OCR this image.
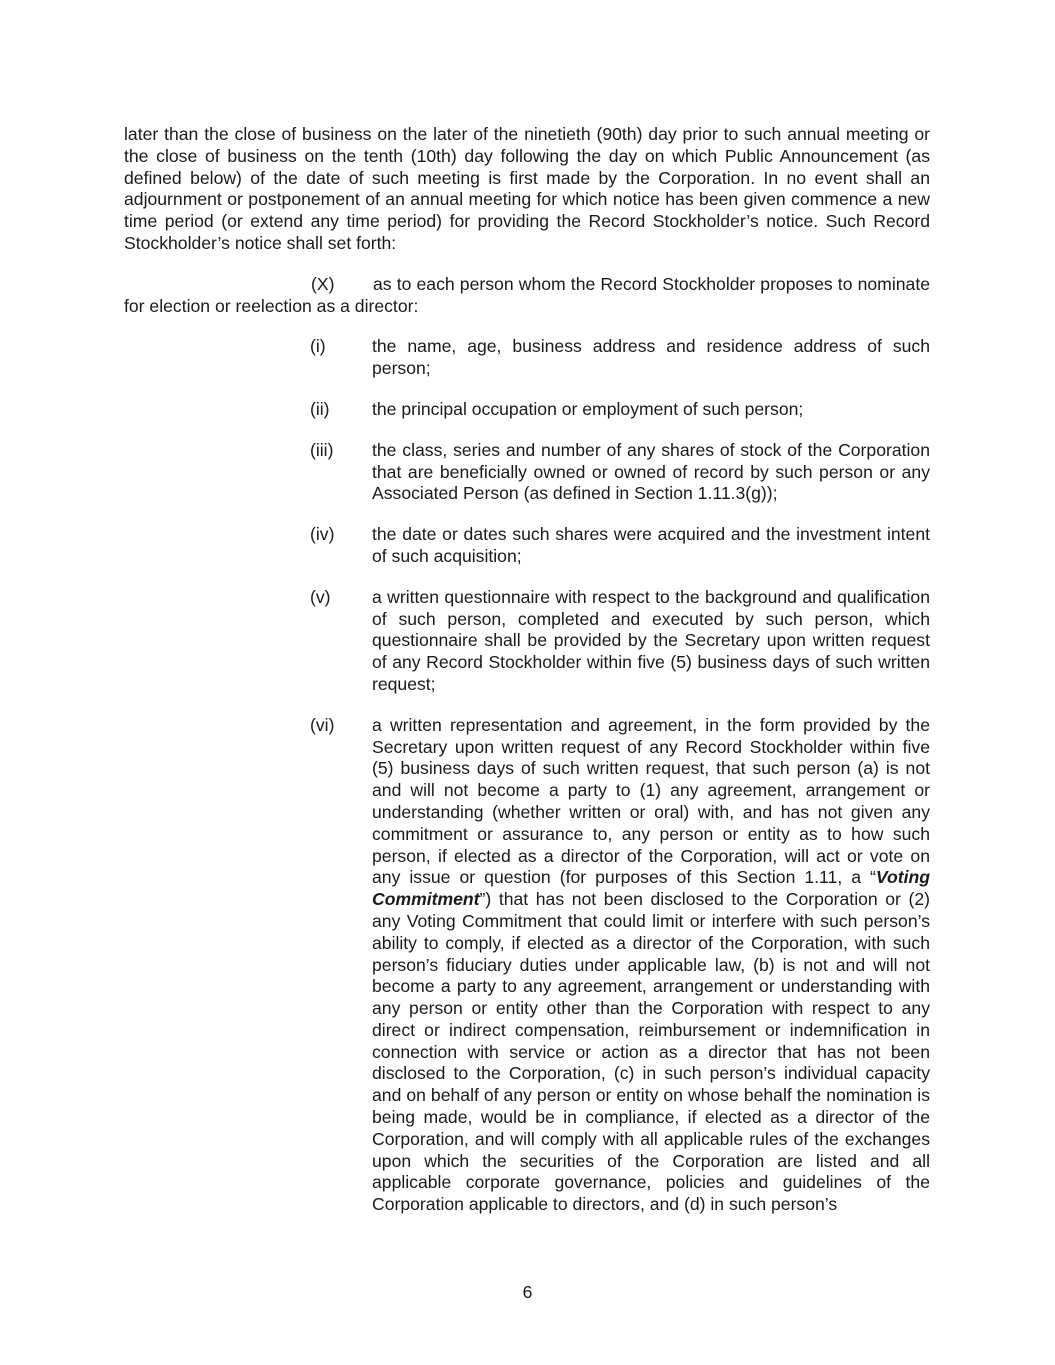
later than the close of business on the later of the ninetieth (90th) day prior to such annual meeting or the close of business on the tenth (10th) day following the day on which Public Announcement (as defined below) of the date of such meeting is first made by the Corporation. In no event shall an adjournment or postponement of an annual meeting for which notice has been given commence a new time period (or extend any time period) for providing the Record Stockholder’s notice. Such Record Stockholder’s notice shall set forth:

(X) as to each person whom the Record Stockholder proposes to nominate for election or reelection as a director:

(i)	the name, age, business address and residence address of such person;
(ii) the principal occupation or employment of such person;
(iii) the class, series and number of any shares of stock of the Corporation that are beneficially owned or owned of record by such person or any Associated Person (as defined in Section 1.11.3(g));
(iv) the date or dates such shares were acquired and the investment intent of such acquisition;
(v) a written questionnaire with respect to the background and qualification of such person, completed and executed by such person, which questionnaire shall be provided by the Secretary upon written request of any Record Stockholder within five (5) business days of such written request;
(vi) a written representation and agreement, in the form provided by the Secretary upon written request of any Record Stockholder within five (5) business days of such written request, that such person (a) is not and will not become a party to (1) any agreement, arrangement or understanding (whether written or oral) with, and has not given any commitment or assurance to, any person or entity as to how such person, if elected as a director of the Corporation, will act or vote on any issue or question (for purposes of this Section 1.11, a “Voting Commitment”) that has not been disclosed to the Corporation or (2) any Voting Commitment that could limit or interfere with such person’s ability to comply, if elected as a director of the Corporation, with such person’s fiduciary duties under applicable law, (b) is not and will not become a party to any agreement, arrangement or understanding with any person or entity other than the Corporation with respect to any direct or indirect compensation, reimbursement or indemnification in connection with service or action as a director that has not been disclosed to the Corporation, (c) in such person’s individual capacity and on behalf of any person or entity on whose behalf the nomination is being made, would be in compliance, if elected as a director of the Corporation, and will comply with all applicable rules of the exchanges upon which the securities of the Corporation are listed and all applicable corporate governance, policies and guidelines of the Corporation applicable to directors, and (d) in such person’s
6
